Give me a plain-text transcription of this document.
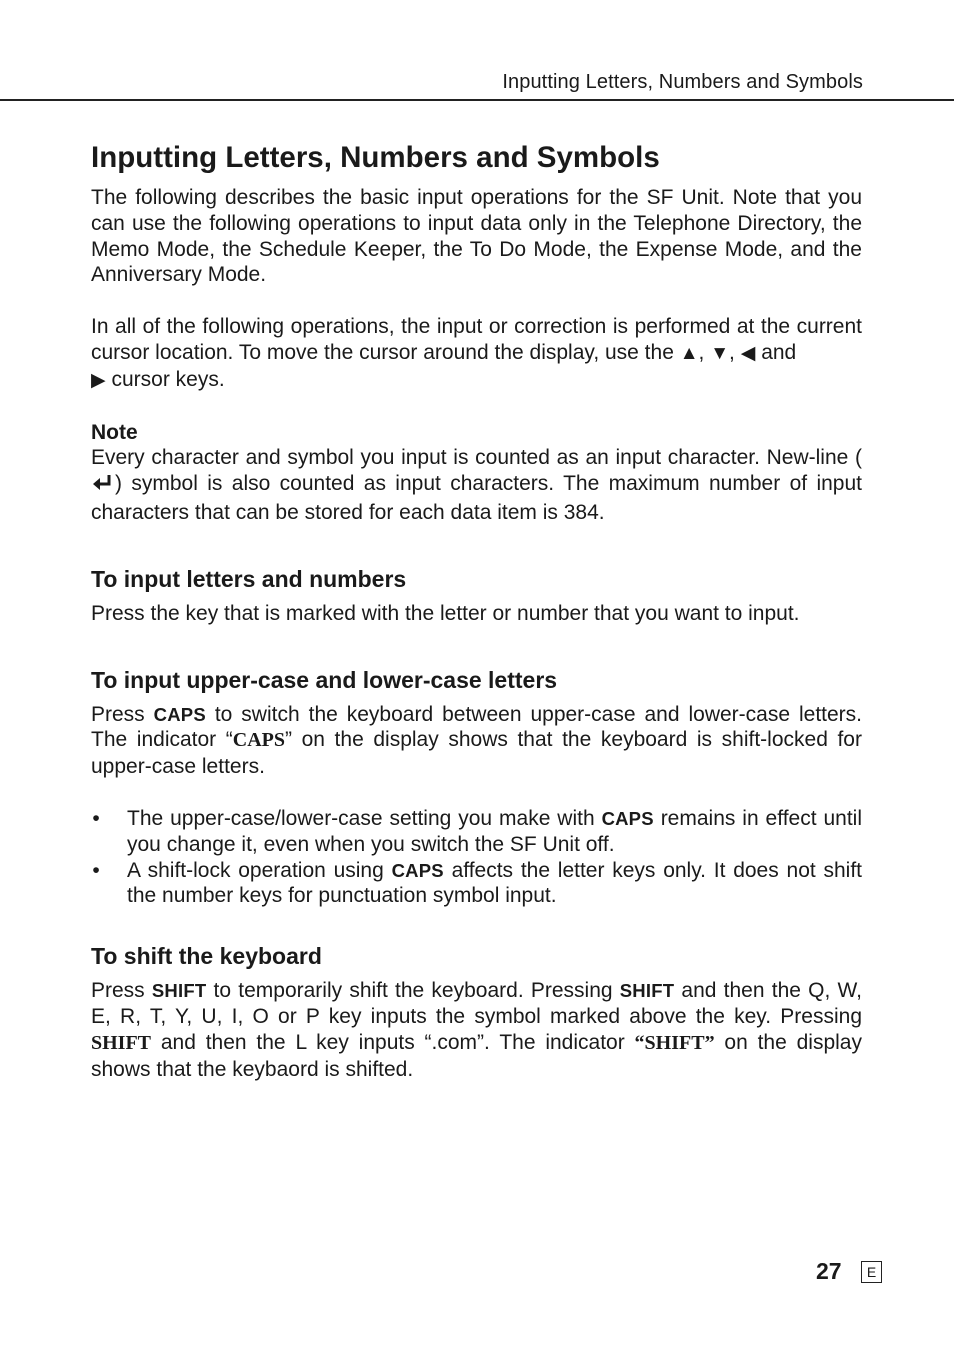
Inputting Letters, Numbers and Symbols
Inputting Letters, Numbers and Symbols

The following describes the basic input operations for the SF Unit. Note that you can use the following operations to input data only in the Telephone Directory, the Memo Mode, the Schedule Keeper, the To Do Mode, the Expense Mode, and the Anniversary Mode.

In all of the following operations, the input or correction is performed at the current cursor location. To move the cursor around the display, use the ▲, ▼, ◀ and
▶ cursor keys.

Note

Every character and symbol you input is counted as an input character. New-line () symbol is also counted as input characters. The maximum number of input characters that can be stored for each data item is 384.

To input letters and numbers

Press the key that is marked with the letter or number that you want to input.

To input upper-case and lower-case letters

Press CAPS to switch the keyboard between upper-case and lower-case letters. The indicator “CAPS” on the display shows that the keyboard is shift-locked for upper-case letters.

• The upper-case/lower-case setting you make with CAPS remains in effect until you change it, even when you switch the SF Unit off.
• A shift-lock operation using CAPS affects the letter keys only. It does not shift the number keys for punctuation symbol input.
To shift the keyboard

Press SHIFT to temporarily shift the keyboard. Pressing SHIFT and then the Q, W, E, R, T, Y, U, I, O or P key inputs the symbol marked above the key. Pressing SHIFT and then the L key inputs “.com”. The indicator “SHIFT” on the display shows that the keybaord is shifted.

27	E
